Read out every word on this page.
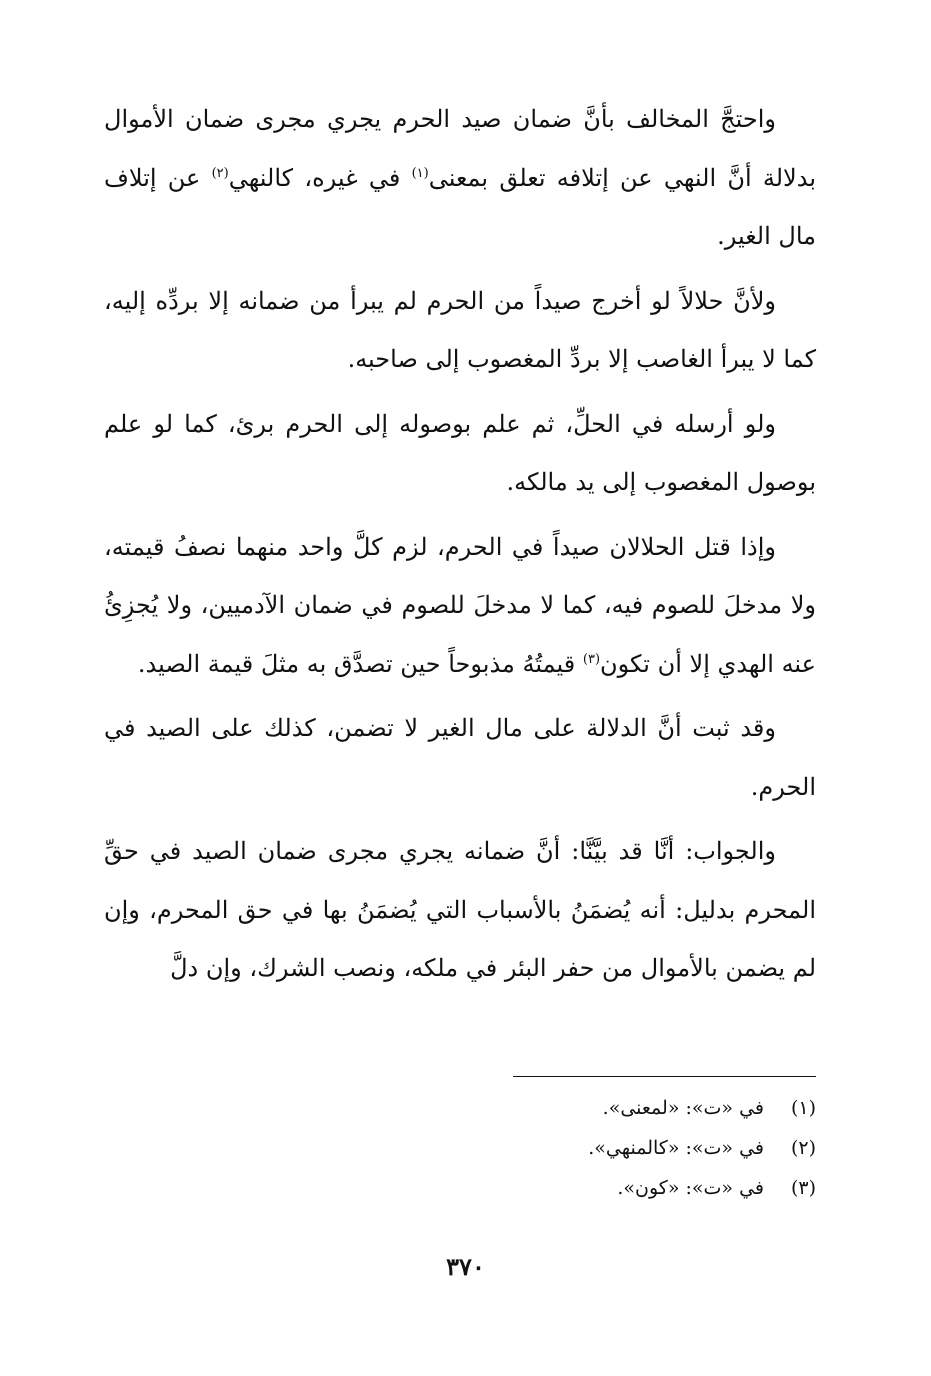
واحتجَّ المخالف بأنَّ ضمان صيد الحرم يجري مجرى ضمان الأموال بدلالة أنَّ النهي عن إتلافه تعلق بمعنى$^{(١)}$ في غيره، كالنهي$^{(٢)}$ عن إتلاف مال الغير.

ولأنَّ حلالاً لو أخرج صيداً من الحرم لم يبرأ من ضمانه إلا بردِّه إليه، كما لا يبرأ الغاصب إلا بردِّ المغصوب إلى صاحبه.

ولو أرسله في الحلِّ، ثم علم بوصوله إلى الحرم برئ، كما لو علم بوصول المغصوب إلى يد مالكه.

وإذا قتل الحلالان صيداً في الحرم، لزم كلَّ واحد منهما نصفُ قيمته، ولا مدخلَ للصوم فيه، كما لا مدخلَ للصوم في ضمان الآدميين، ولا يُجزِئُ عنه الهدي إلا أن تكون$^{(٣)}$ قيمتُهُ مذبوحاً حين تصدَّق به مثلَ قيمة الصيد.

وقد ثبت أنَّ الدلالة على مال الغير لا تضمن، كذلك على الصيد في الحرم.

والجواب: أنَّا قد بيَّنَّا: أنَّ ضمانه يجري مجرى ضمان الصيد في حقِّ المحرم بدليل: أنه يُضمَنُ بالأسباب التي يُضمَنُ بها في حق المحرم، وإن لم يضمن بالأموال من حفر البئر في ملكه، ونصب الشرك، وإن دلَّ

(١)في «ت»: «لمعنى».
(٢)في «ت»: «كالمنهي».
(٣)في «ت»: «كون».
٣٧٠
